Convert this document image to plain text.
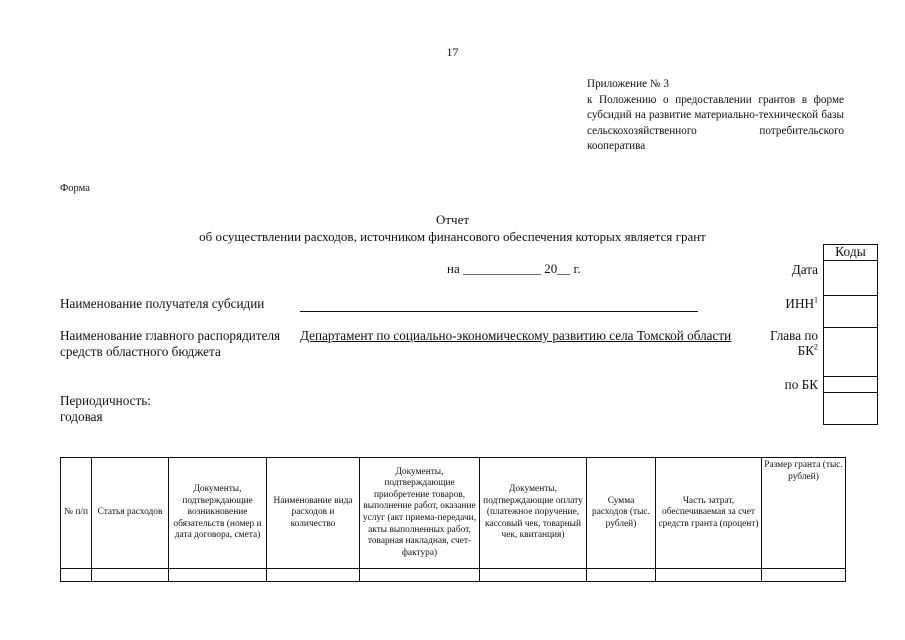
17
Приложение № 3
к Положению о предоставлении грантов в форме субсидий на развитие материально-технической базы сельскохозяйственного потребительского кооператива
Форма
Отчет
об осуществлении расходов, источником финансового обеспечения которых является грант
на ____________ 20__ г.
Наименование получателя субсидии
Наименование главного распорядителя средств областного бюджета
Департамент по социально-экономическому развитию села Томской области
Периодичность:
годовая
Дата
ИНН$^1$
Глава по
$БК^2$
по БК
Коды
№ п/п	Статья расходов	Документы, подтверждающие возникновение обязательств (номер и дата договора, смета)	Наименование вида расходов и количество	Документы, подтверждающие приобретение товаров, выполнение работ, оказание услуг (акт приема-передачи, акты выполненных работ, товарная накладная, счет-фактура)	Документы, подтверждающие оплату (платежное поручение, кассовый чек, товарный чек, квитанция)	Сумма расходов (тыс. рублей)	Часть затрат, обеспечиваемая за счет средств гранта (процент)	Размер гранта (тыс. рублей)
